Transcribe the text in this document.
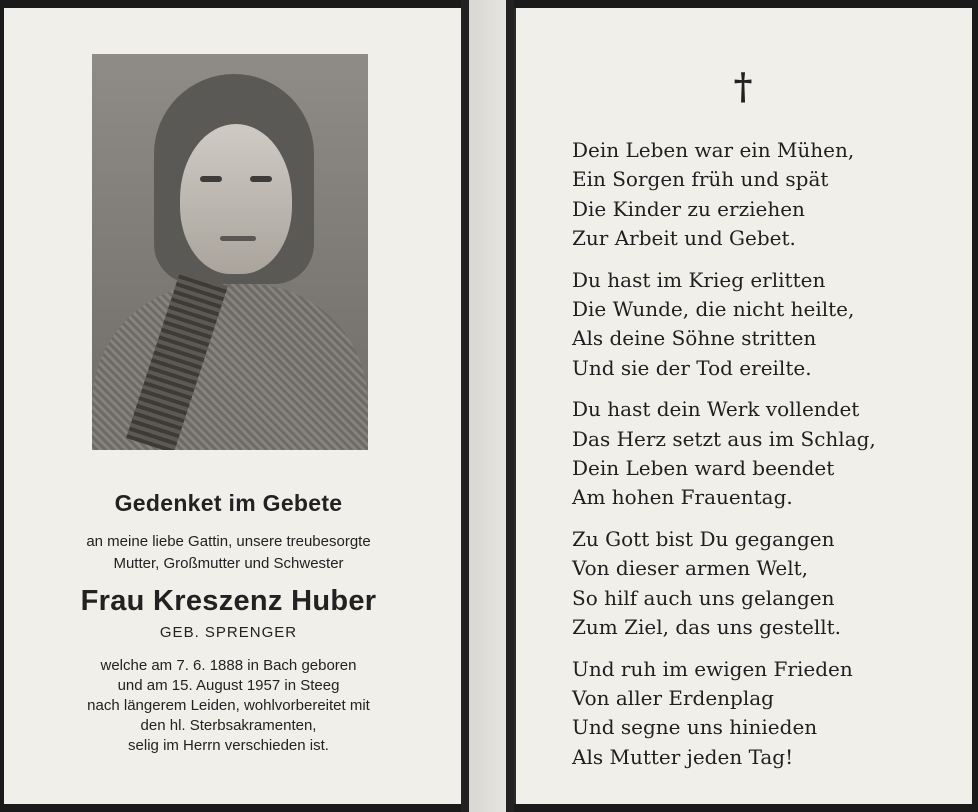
Gedenket im Gebete
an meine liebe Gattin, unsere treubesorgte
Mutter, Großmutter und Schwester
Frau Kreszenz Huber
GEB. SPRENGER
welche am 7. 6. 1888 in Bach geboren
und am 15. August 1957 in Steeg
nach längerem Leiden, wohlvorbereitet mit
den hl. Sterbsakramenten,
selig im Herrn verschieden ist.
†
Dein Leben war ein Mühen,
Ein Sorgen früh und spät
Die Kinder zu erziehen
Zur Arbeit und Gebet.
Du hast im Krieg erlitten
Die Wunde, die nicht heilte,
Als deine Söhne stritten
Und sie der Tod ereilte.
Du hast dein Werk vollendet
Das Herz setzt aus im Schlag,
Dein Leben ward beendet
Am hohen Frauentag.
Zu Gott bist Du gegangen
Von dieser armen Welt,
So hilf auch uns gelangen
Zum Ziel, das uns gestellt.
Und ruh im ewigen Frieden
Von aller Erdenplag
Und segne uns hinieden
Als Mutter jeden Tag!
